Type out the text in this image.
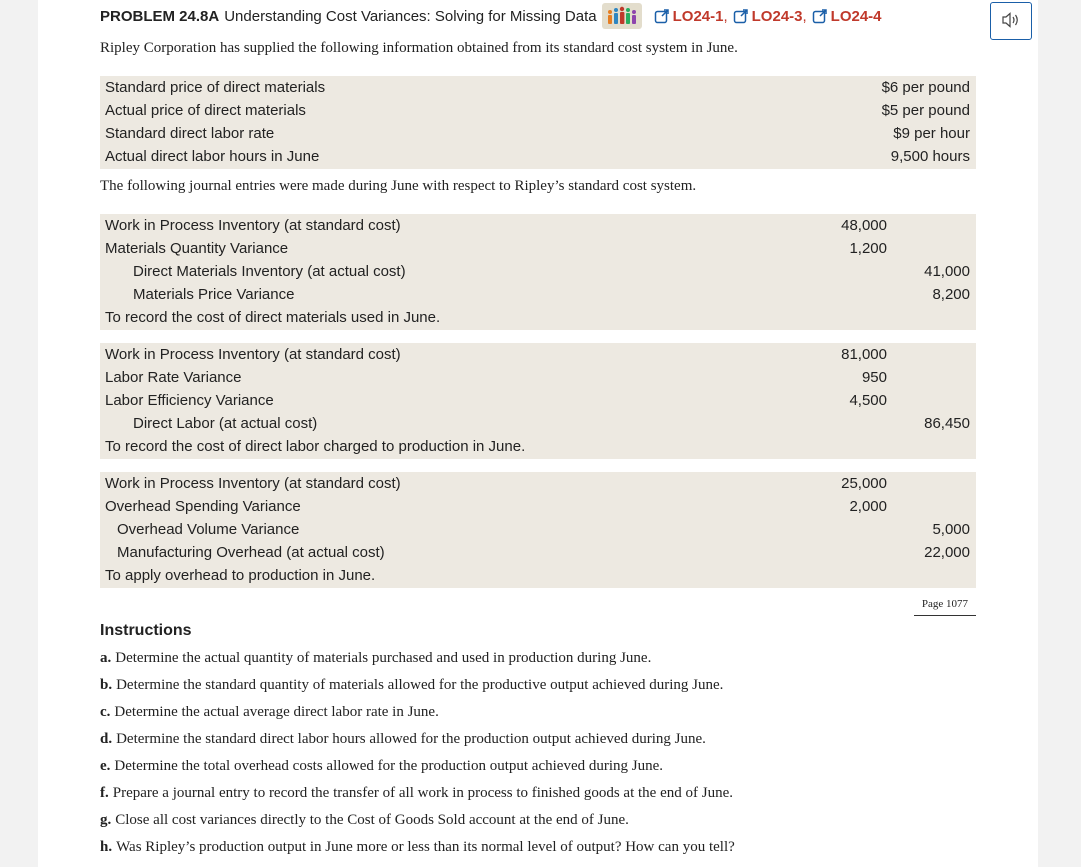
PROBLEM 24.8A Understanding Cost Variances: Solving for Missing Data	LO24-1 , LO24-3 , LO24-4
Ripley Corporation has supplied the following information obtained from its standard cost system in June.
Standard price of direct materials	$6 per pound
Actual price of direct materials	$5 per pound
Standard direct labor rate	$9 per hour
Actual direct labor hours in June	9,500 hours
The following journal entries were made during June with respect to Ripley’s standard cost system.
Work in Process Inventory (at standard cost)	48,000
Materials Quantity Variance	1,200
Direct Materials Inventory (at actual cost)	41,000
Materials Price Variance	8,200
To record the cost of direct materials used in June.
Work in Process Inventory (at standard cost)	81,000
Labor Rate Variance	950
Labor Efficiency Variance	4,500
Direct Labor (at actual cost)	86,450
To record the cost of direct labor charged to production in June.
Work in Process Inventory (at standard cost)	25,000
Overhead Spending Variance	2,000
Overhead Volume Variance	5,000
Manufacturing Overhead (at actual cost)	22,000
To apply overhead to production in June.
Page 1077
Instructions
a. Determine the actual quantity of materials purchased and used in production during June.
b. Determine the standard quantity of materials allowed for the productive output achieved during June.
c. Determine the actual average direct labor rate in June.
d. Determine the standard direct labor hours allowed for the production output achieved during June.
e. Determine the total overhead costs allowed for the production output achieved during June.
f. Prepare a journal entry to record the transfer of all work in process to finished goods at the end of June.
g. Close all cost variances directly to the Cost of Goods Sold account at the end of June.
h. Was Ripley’s production output in June more or less than its normal level of output? How can you tell?
